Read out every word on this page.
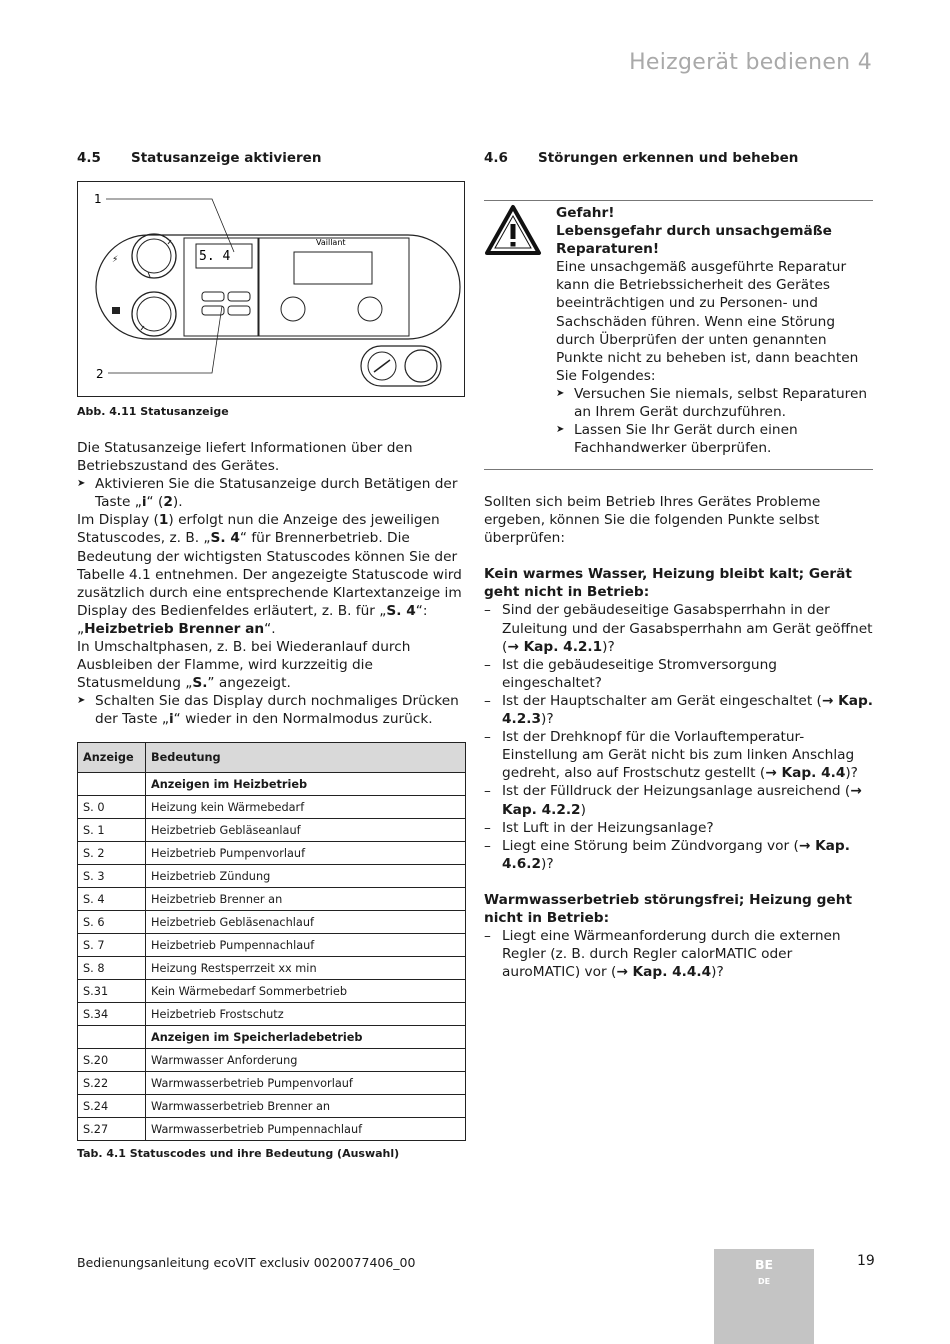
Heizgerät bedienen 4
4.5 Statusanzeige aktivieren
⚡	5. 4
Vaillant
1
2
Abb. 4.11 Statusanzeige

Die Statusanzeige liefert Informationen über den Betriebszustand des Gerätes.

➤ Aktivieren Sie die Statusanzeige durch Betätigen der Taste „i“ (2).

Im Display (1) erfolgt nun die Anzeige des jeweiligen Statuscodes, z. B. „S. 4“ für Brennerbetrieb. Die Bedeutung der wichtigsten Statuscodes können Sie der Tabelle 4.1 entnehmen. Der angezeigte Statuscode wird zusätzlich durch eine entsprechende Klartextanzeige im Display des Bedienfeldes erläutert, z. B. für „S. 4“: „Heizbetrieb Brenner an“.

In Umschaltphasen, z. B. bei Wiederanlauf durch Ausbleiben der Flamme, wird kurzzeitig die Statusmeldung „S.” angezeigt.

➤ Schalten Sie das Display durch nochmaliges Drücken der Taste „i“ wieder in den Normalmodus zurück.

Anzeige	Bedeutung
	Anzeigen im Heizbetrieb
S. 0	Heizung kein Wärmebedarf
S. 1	Heizbetrieb Gebläseanlauf
S. 2	Heizbetrieb Pumpenvorlauf
S. 3	Heizbetrieb Zündung
S. 4	Heizbetrieb Brenner an
S. 6	Heizbetrieb Gebläsenachlauf
S. 7	Heizbetrieb Pumpennachlauf
S. 8	Heizung Restsperrzeit xx min
S.31	Kein Wärmebedarf Sommerbetrieb
S.34	Heizbetrieb Frostschutz
	Anzeigen im Speicherladebetrieb
S.20	Warmwasser Anforderung
S.22	Warmwasserbetrieb Pumpenvorlauf
S.24	Warmwasserbetrieb Brenner an
S.27	Warmwasserbetrieb Pumpennachlauf
Tab. 4.1 Statuscodes und ihre Bedeutung (Auswahl)
4.6 Störungen erkennen und beheben

Gefahr!

Lebensgefahr durch unsachgemäße Reparaturen!

Eine unsachgemäß ausgeführte Reparatur kann die Betriebssicherheit des Gerätes beeinträchtigen und zu Personen- und Sachschäden führen. Wenn eine Störung durch Überprüfen der unten genannten Punkte nicht zu beheben ist, dann beachten Sie Folgendes:

➤ Versuchen Sie niemals, selbst Reparaturen an Ihrem Gerät durchzuführen.

➤ Lassen Sie Ihr Gerät durch einen Fachhandwerker überprüfen.

Sollten sich beim Betrieb Ihres Gerätes Probleme ergeben, können Sie die folgenden Punkte selbst überprüfen:

Kein warmes Wasser, Heizung bleibt kalt; Gerät geht nicht in Betrieb:

– Sind der gebäudeseitige Gasabsperrhahn in der Zuleitung und der Gasabsperrhahn am Gerät geöffnet (→ Kap. 4.2.1)?

– Ist die gebäudeseitige Stromversorgung eingeschaltet?

– Ist der Hauptschalter am Gerät eingeschaltet (→ Kap. 4.2.3)?

– Ist der Drehknopf für die Vorlauftemperatur-Einstellung am Gerät nicht bis zum linken Anschlag gedreht, also auf Frostschutz gestellt (→ Kap. 4.4)?

– Ist der Fülldruck der Heizungsanlage ausreichend (→ Kap. 4.2.2)

– Ist Luft in der Heizungsanlage?

– Liegt eine Störung beim Zündvorgang vor (→ Kap. 4.6.2)?

Warmwasserbetrieb störungsfrei; Heizung geht nicht in Betrieb:

– Liegt eine Wärmeanforderung durch die externen Regler (z. B. durch Regler calorMATIC oder auroMATIC) vor (→ Kap. 4.4.4)?

Bedienungsanleitung ecoVIT exclusiv 0020077406_00	BE
DE
19
